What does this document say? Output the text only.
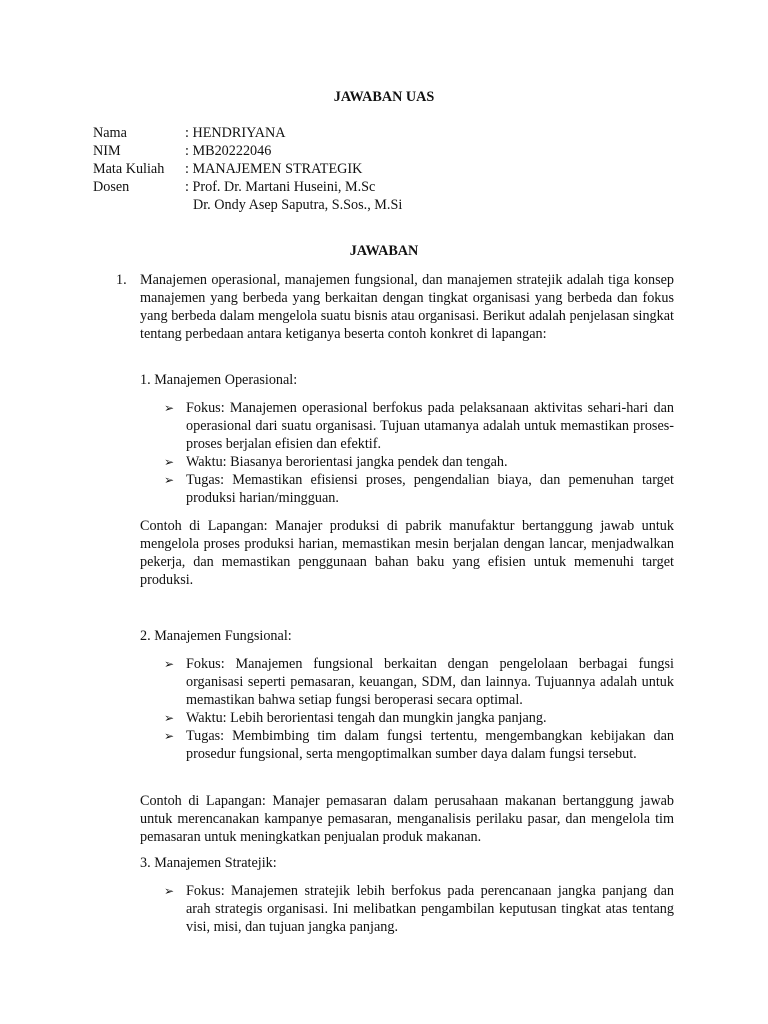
JAWABAN UAS
Nama	: HENDRIYANA
NIM	: MB20222046
Mata Kuliah	: MANAJEMEN STRATEGIK
Dosen	: Prof. Dr. Martani Huseini, M.Sc
Dr. Ondy Asep Saputra, S.Sos., M.Si
JAWABAN
1. Manajemen operasional, manajemen fungsional, dan manajemen stratejik adalah tiga konsep manajemen yang berbeda yang berkaitan dengan tingkat organisasi yang berbeda dan fokus yang berbeda dalam mengelola suatu bisnis atau organisasi. Berikut adalah penjelasan singkat tentang perbedaan antara ketiganya beserta contoh konkret di lapangan:
1. Manajemen Operasional:
➢ Fokus: Manajemen operasional berfokus pada pelaksanaan aktivitas sehari-hari dan operasional dari suatu organisasi. Tujuan utamanya adalah untuk memastikan proses-proses berjalan efisien dan efektif.
➢ Waktu: Biasanya berorientasi jangka pendek dan tengah.
➢ Tugas: Memastikan efisiensi proses, pengendalian biaya, dan pemenuhan target produksi harian/mingguan.
Contoh di Lapangan: Manajer produksi di pabrik manufaktur bertanggung jawab untuk mengelola proses produksi harian, memastikan mesin berjalan dengan lancar, menjadwalkan pekerja, dan memastikan penggunaan bahan baku yang efisien untuk memenuhi target produksi.
2. Manajemen Fungsional:
➢ Fokus: Manajemen fungsional berkaitan dengan pengelolaan berbagai fungsi organisasi seperti pemasaran, keuangan, SDM, dan lainnya. Tujuannya adalah untuk memastikan bahwa setiap fungsi beroperasi secara optimal.
➢ Waktu: Lebih berorientasi tengah dan mungkin jangka panjang.
➢ Tugas: Membimbing tim dalam fungsi tertentu, mengembangkan kebijakan dan prosedur fungsional, serta mengoptimalkan sumber daya dalam fungsi tersebut.
Contoh di Lapangan: Manajer pemasaran dalam perusahaan makanan bertanggung jawab untuk merencanakan kampanye pemasaran, menganalisis perilaku pasar, dan mengelola tim pemasaran untuk meningkatkan penjualan produk makanan.
3. Manajemen Stratejik:
➢ Fokus: Manajemen stratejik lebih berfokus pada perencanaan jangka panjang dan arah strategis organisasi. Ini melibatkan pengambilan keputusan tingkat atas tentang visi, misi, dan tujuan jangka panjang.
